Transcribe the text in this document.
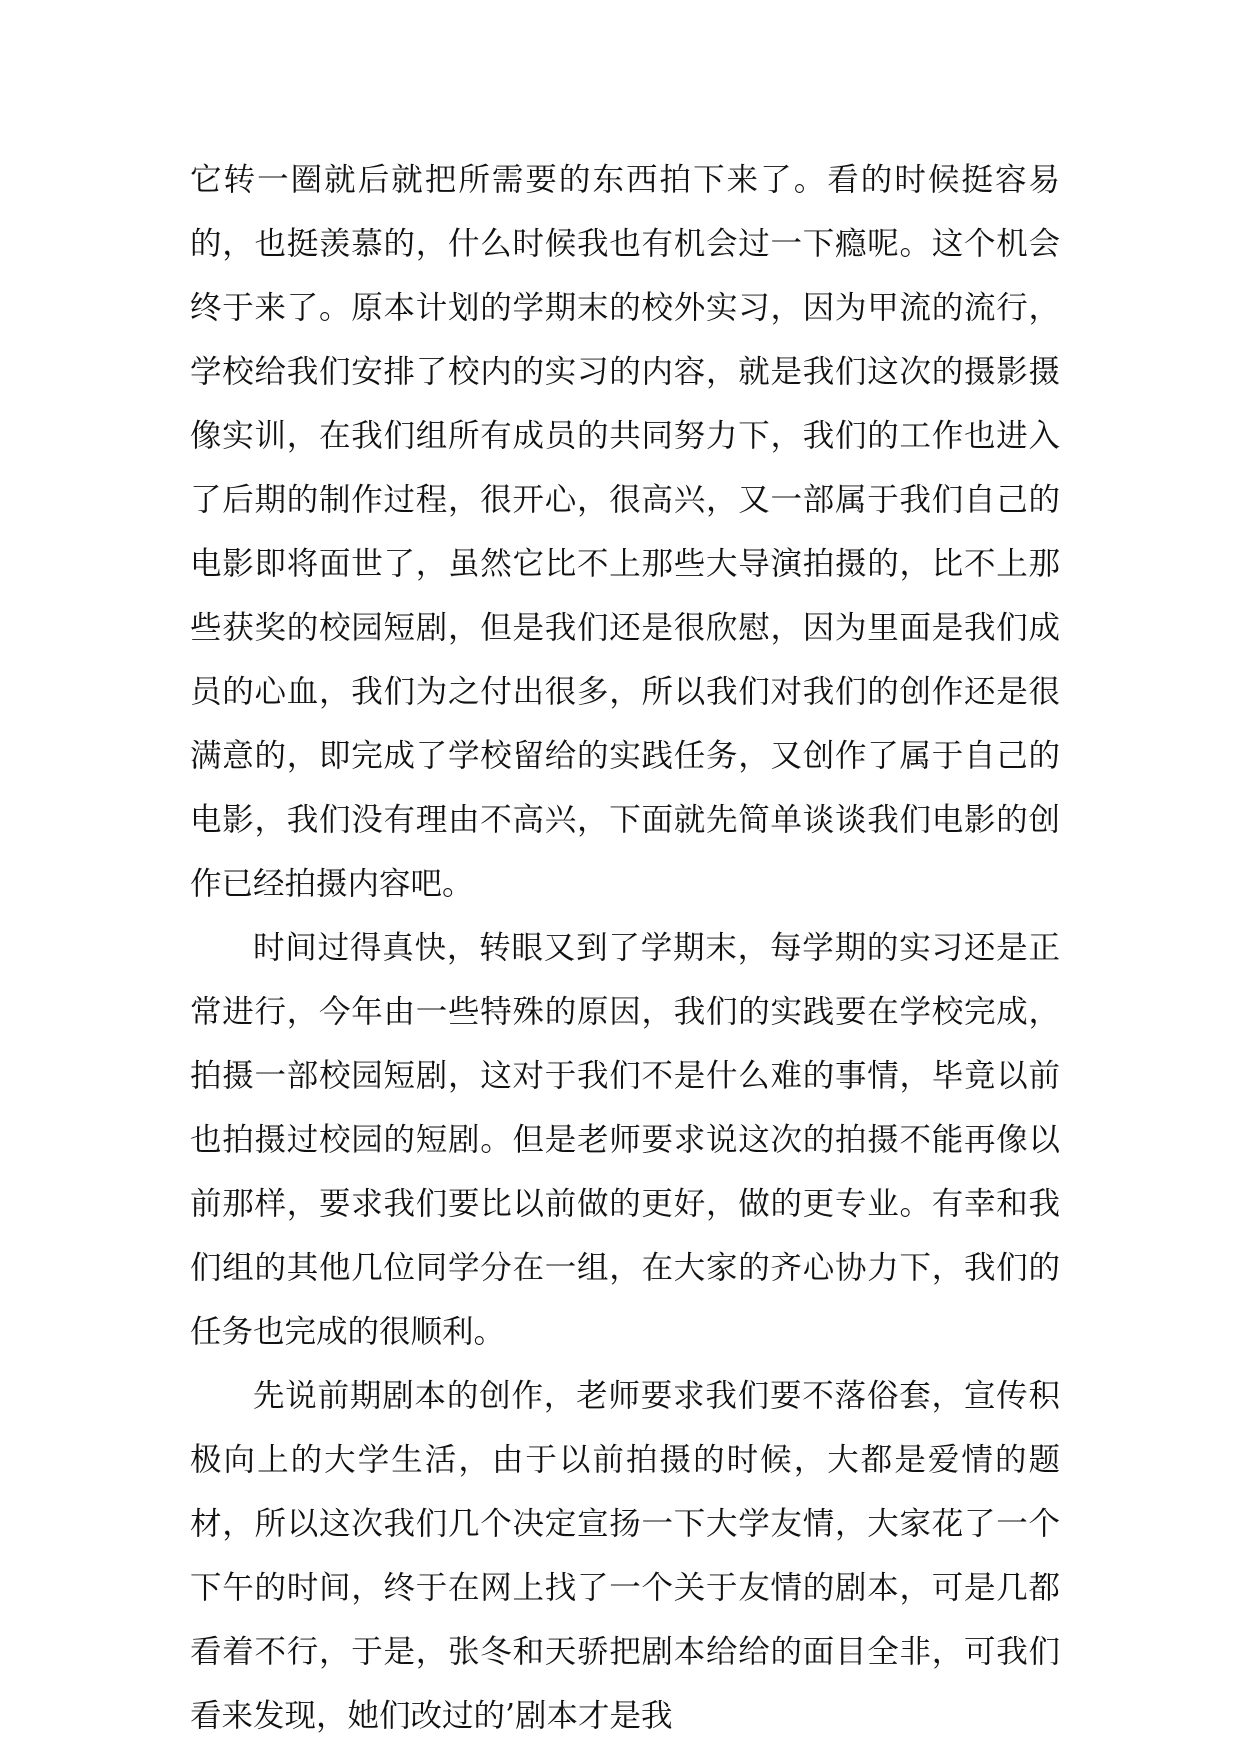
它转一圈就后就把所需要的东西拍下来了。看的时候挺容易的，也挺羡慕的，什么时候我也有机会过一下瘾呢。这个机会终于来了。原本计划的学期末的校外实习，因为甲流的流行，学校给我们安排了校内的实习的内容，就是我们这次的摄影摄像实训，在我们组所有成员的共同努力下，我们的工作也进入了后期的制作过程，很开心，很高兴，又一部属于我们自己的电影即将面世了，虽然它比不上那些大导演拍摄的，比不上那些获奖的校园短剧，但是我们还是很欣慰，因为里面是我们成员的心血，我们为之付出很多，所以我们对我们的创作还是很满意的，即完成了学校留给的实践任务，又创作了属于自己的电影，我们没有理由不高兴，下面就先简单谈谈我们电影的创作已经拍摄内容吧。

时间过得真快，转眼又到了学期末，每学期的实习还是正常进行，今年由一些特殊的原因，我们的实践要在学校完成，拍摄一部校园短剧，这对于我们不是什么难的事情，毕竟以前也拍摄过校园的短剧。但是老师要求说这次的拍摄不能再像以前那样，要求我们要比以前做的更好，做的更专业。有幸和我们组的其他几位同学分在一组，在大家的齐心协力下，我们的任务也完成的很顺利。

先说前期剧本的创作，老师要求我们要不落俗套，宣传积极向上的大学生活，由于以前拍摄的时候，大都是爱情的题材，所以这次我们几个决定宣扬一下大学友情，大家花了一个下午的时间，终于在网上找了一个关于友情的剧本，可是几都看着不行，于是，张冬和天骄把剧本给给的面目全非，可我们看来发现，她们改过的’剧本才是我
